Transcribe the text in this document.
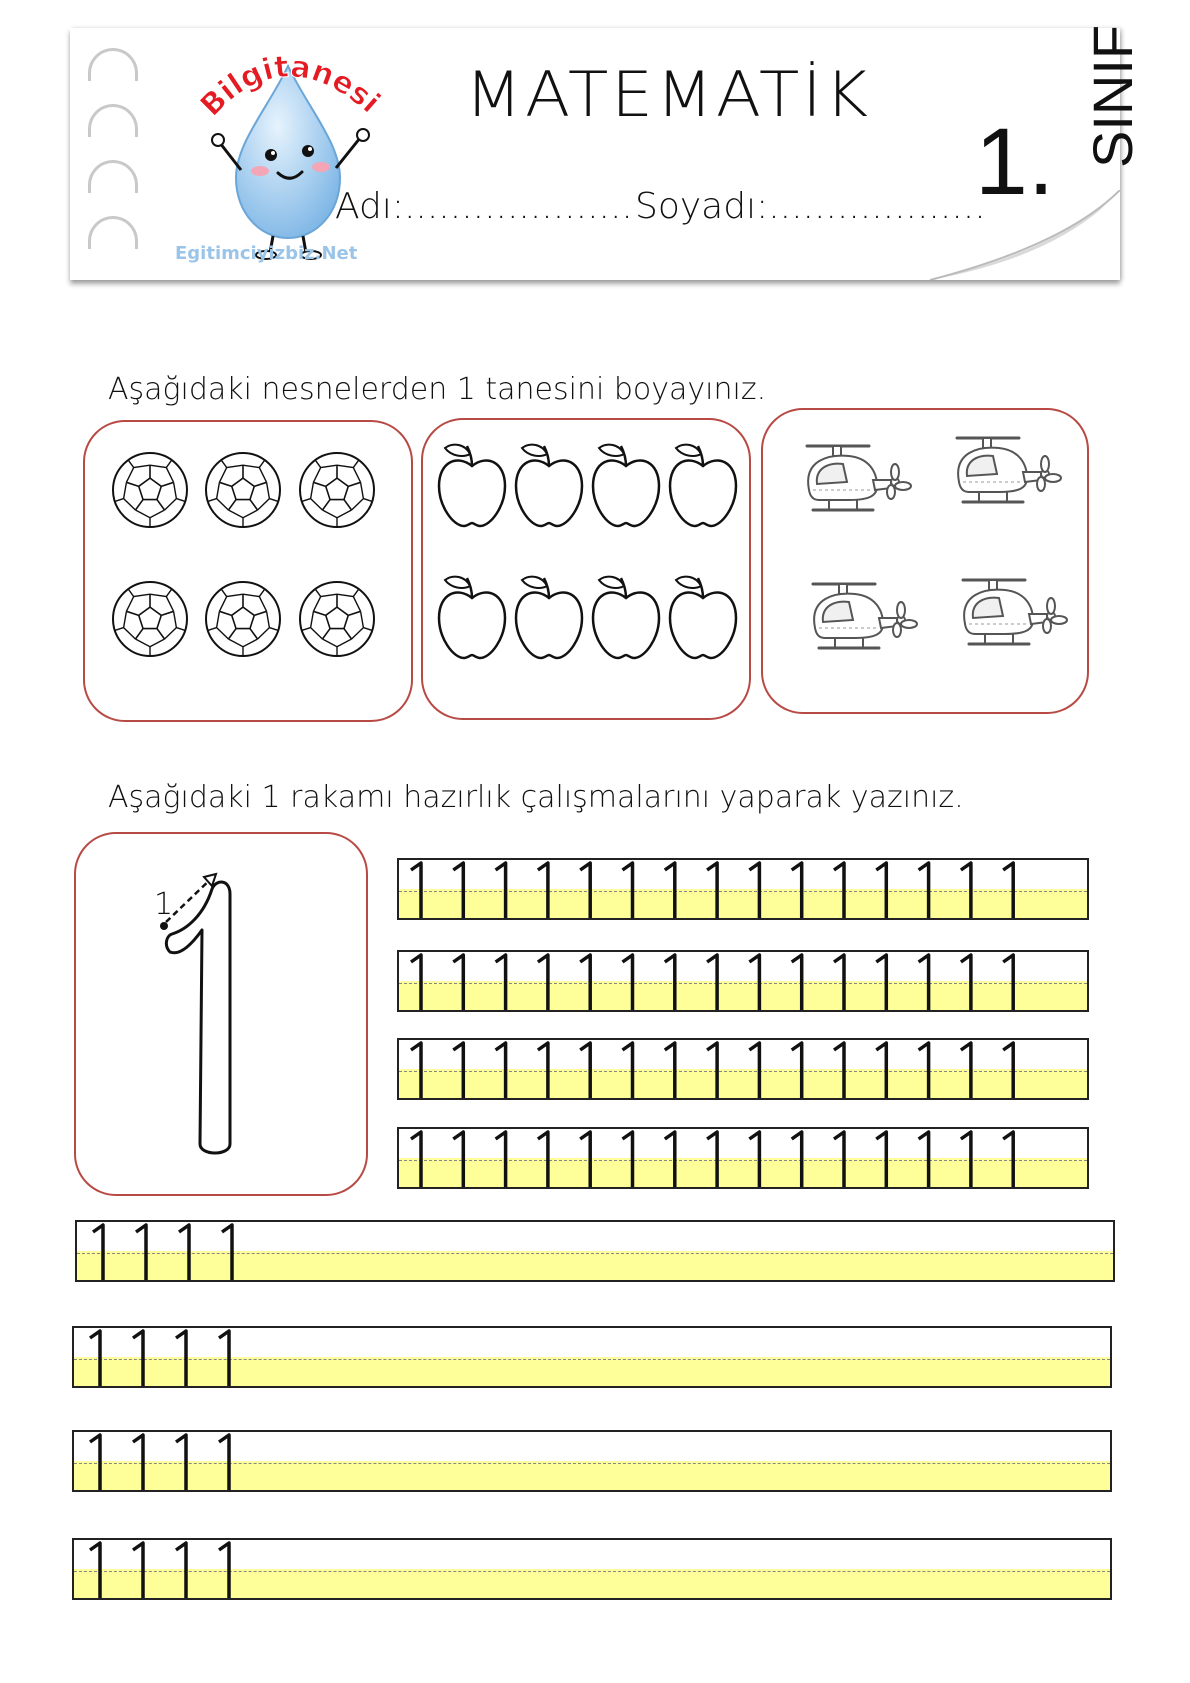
Bilgitanesi
Egitimciyizbiz.Net
MATEMATİK
Adı:.................... Soyadı:...................
1. SINIF
Aşağıdaki nesnelerden 1 tanesini boyayınız.
Aşağıdaki 1 rakamı hazırlık çalışmalarını yaparak yazınız.
1
